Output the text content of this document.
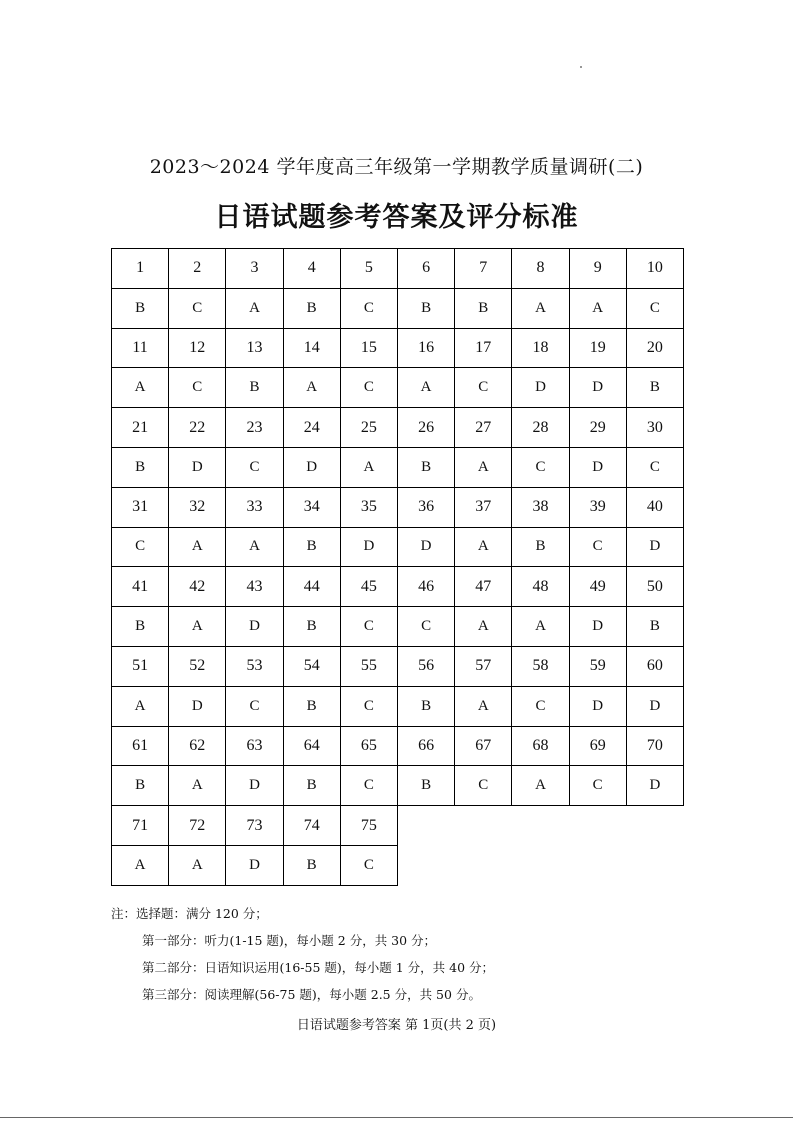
2023～2024 学年度高三年级第一学期教学质量调研(二)
日语试题参考答案及评分标准
1	2	3	4	5	6	7	8	9	10
B	C	A	B	C	B	B	A	A	C
11	12	13	14	15	16	17	18	19	20
A	C	B	A	C	A	C	D	D	B
21	22	23	24	25	26	27	28	29	30
B	D	C	D	A	B	A	C	D	C
31	32	33	34	35	36	37	38	39	40
C	A	A	B	D	D	A	B	C	D
41	42	43	44	45	46	47	48	49	50
B	A	D	B	C	C	A	A	D	B
51	52	53	54	55	56	57	58	59	60
A	D	C	B	C	B	A	C	D	D
61	62	63	64	65	66	67	68	69	70
B	A	D	B	C	B	C	A	C	D
71	72	73	74	75
A	A	D	B	C
注：选择题：满分 120 分；
第一部分：听力(1-15 题)，每小题 2 分，共 30 分；
第二部分：日语知识运用(16-55 题)，每小题 1 分，共 40 分；
第三部分：阅读理解(56-75 题)，每小题 2.5 分，共 50 分。
日语试题参考答案 第 1页(共 2 页)
